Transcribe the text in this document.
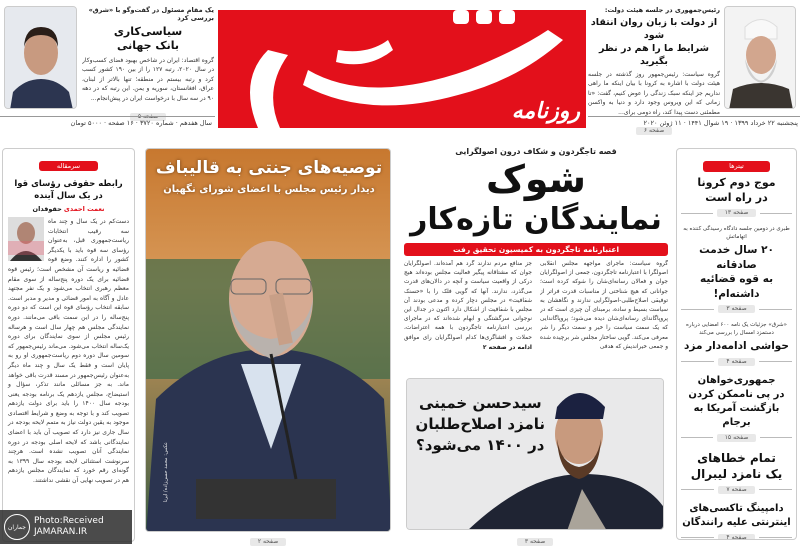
یک مقام مسئول در گفت‌وگو با «شرق» بررسی کرد
سیاسی‌کاری
بانک جهانی
گروه اقتصاد: ایران در شاخص بهبود فضای کسب‌وکار در سال ۲۰۲۰، رتبه ۱۲۷ را از بین ۱۹۰ کشور کسب کرد و رتبه بیستم در منطقه؛ تنها بالاتر از لبنان، عراق، افغانستان، سوریه و یمن. این رتبه که در دهه ۹۰ در سه سال با درخواست ایران در پیش‌انجام...
صفحه ۵	روزنامه
رئیس‌جمهوری در جلسه هیئت دولت:
از دولت با زبان روان انتقاد شود
شرایط ما را هم در نظر بگیرید
گروه سیاست: رئیس‌جمهور روز گذشته در جلسه هیئت دولت با اشاره به کرونا با بیان اینکه ما راهی نداریم جز اینکه سبک زندگی را عوض کنیم، گفت: «تا زمانی که این ویروس وجود دارد و دنیا به واکسن مطمئنی دست پیدا کند، راه دومی برای...
صفحه ۶
سال هفدهم · شماره ۳۷۲۰ · ۱۶ صفحه · ۵۰۰۰ تومان	پنجشنبه ۲۲ خرداد ۱۳۹۹ · ۱۹ شوال ۱۴۴۱ · ۱۱ ژوئن ۲۰۲۰
سرمقاله
رابطه حقوقی رؤسای قوا
در یک سال آینده
نعمت احمدی حقوقدان
دست‌کم در یک سال و چند ماه سه رقیب انتخابات ریاست‌جمهوری قبل، به‌عنوان رؤسای سه قوه باید با یکدیگر کشور را اداره کنند. وضع قوه قضائیه و ریاست آن مشخص است؛ رئیس قوه قضائیه برای یک دوره پنج‌ساله از سوی مقام معظم رهبری انتخاب می‌شود و یک نفر مجتهد عادل و آگاه به امور قضائی و مدیر و مدبر است. سابقه انتخاب رؤسای قوه این است که دو دوره پنج‌ساله را در این سمت باقی می‌مانند. دوره نمایندگی مجلس هم چهار سال است و هرساله رئیس مجلس از سوی نمایندگان برای دوره یک‌ساله انتخاب می‌شود. می‌ماند رئیس‌جمهور که سومین سال دوره دوم ریاست‌جمهوری او رو به پایان است و فقط یک سال و چند ماه دیگر به‌عنوان رئیس‌جمهور در مسند قدرت باقی خواهد ماند. به جز مسائلی مانند تذکر، سؤال و استیضاح، مجلس یازدهم یک برنامه بودجه یعنی بودجه سال ۱۴۰۰ را باید برای دولت یازدهم تصویب کند و با توجه به وضع و شرایط اقتصادی موجود به یقین دولت نیاز به متمم لایحه بودجه در سال جاری نیز دارد که تصویب آن باید با اعضای نمایندگانی باشد که لایحه اصلی بودجه در دوره نمایندگی آنان تصویب نشده است. هرچند سرنوشت استثنائی لایحه بودجه سال ۱۳۹۹ به گونه‌ای رقم خورد که نمایندگان مجلس یازدهم هم در تصویب نهایی آن نقشی نداشتند.
توصیه‌های جنتی به قالیباف
دیدار رئیس مجلس با اعضای شورای نگهبان
عکس: محمد حسن‌زاده/ ایرنا
صفحه ۲
قصه تاجگردون و شکاف درون اصولگرایی
شوک
نمایندگان تازه‌کار
اعتبارنامه تاجگردون به کمیسیون تحقیق رفت
گروه سیاست: ماجرای مواجهه مجلس انقلابی اصولگرا با اعتبارنامه تاجگردون، جمعی از اصولگرایان جوان و فعالان رسانه‌ای‌شان را شوکه کرده است؛ جوانانی که هیچ شناختی از مناسبات قدرت فراتر از توفیقی اصلاح‌طلبی-اصولگرایی ندارند و نگاهشان به سیاست بسیط و ساده، برمبنای آن چیزی است که در پروپاگاندای رسانه‌ای‌شان دیده می‌شود؛ پروپاگاندایی که یک سمت سیاست را خیر و سمت دیگر را شر معرفی می‌کند. گویی ساختار مجلس شر برچیده شده و جمعی خیراندیش که هدفی
جز منافع مردم ندارند گرد هم آمده‌اند. اصولگرایان جوان که مشتاقانه پیگیر فعالیت مجلس بوده‌اند هیچ درکی از واقعیت سیاست و آنچه در دالان‌های قدرت می‌گذرد، ندارند. آنها که گویی فلک را با «حسنک شفافیت» در مجلس دچار کرده و مدعی بودند آن مجلس با شفافیت از اشکال دارد اکنون در جدال این نوجوانی سرگشتگی و ابهام شده‌اند که در ماجرای بررسی اعتبارنامه تاجگردون با همه اعتراضات، حملات و افشاگری‌ها کدام اصولگرایان رای موافق
ادامه در صفحه ۲
سیدحسن خمینی
نامزد اصلاح‌طلبان
در ۱۴۰۰ می‌شود؟
صفحه ۳
تیترها
موج دوم کرونا
در راه است
صفحه ۱۳
طبری در دومین جلسه دادگاه رسیدگی کننده به اتهاماتش
۲۰ سال خدمت صادقانه
به قوه قضائیه داشته‌ام!
صفحه ۳
«شرق» جزئیات یک نامه ۶۰۰ امضایی درباره دستمزد امسال را بررسی می‌کند
حواشی ادامه‌دار مزد
صفحه ۴
جمهوری‌خواهان
در پی ناممکن کردن
بازگشت آمریکا به برجام
صفحه ۱۵
تمام خطاهای
یک نامزد لیبرال
صفحه ۷
دامپینگ تاکسی‌های
اینترنتی علیه رانندگان
صفحه ۴
جماران
Photo:Received
JAMARAN.IR
